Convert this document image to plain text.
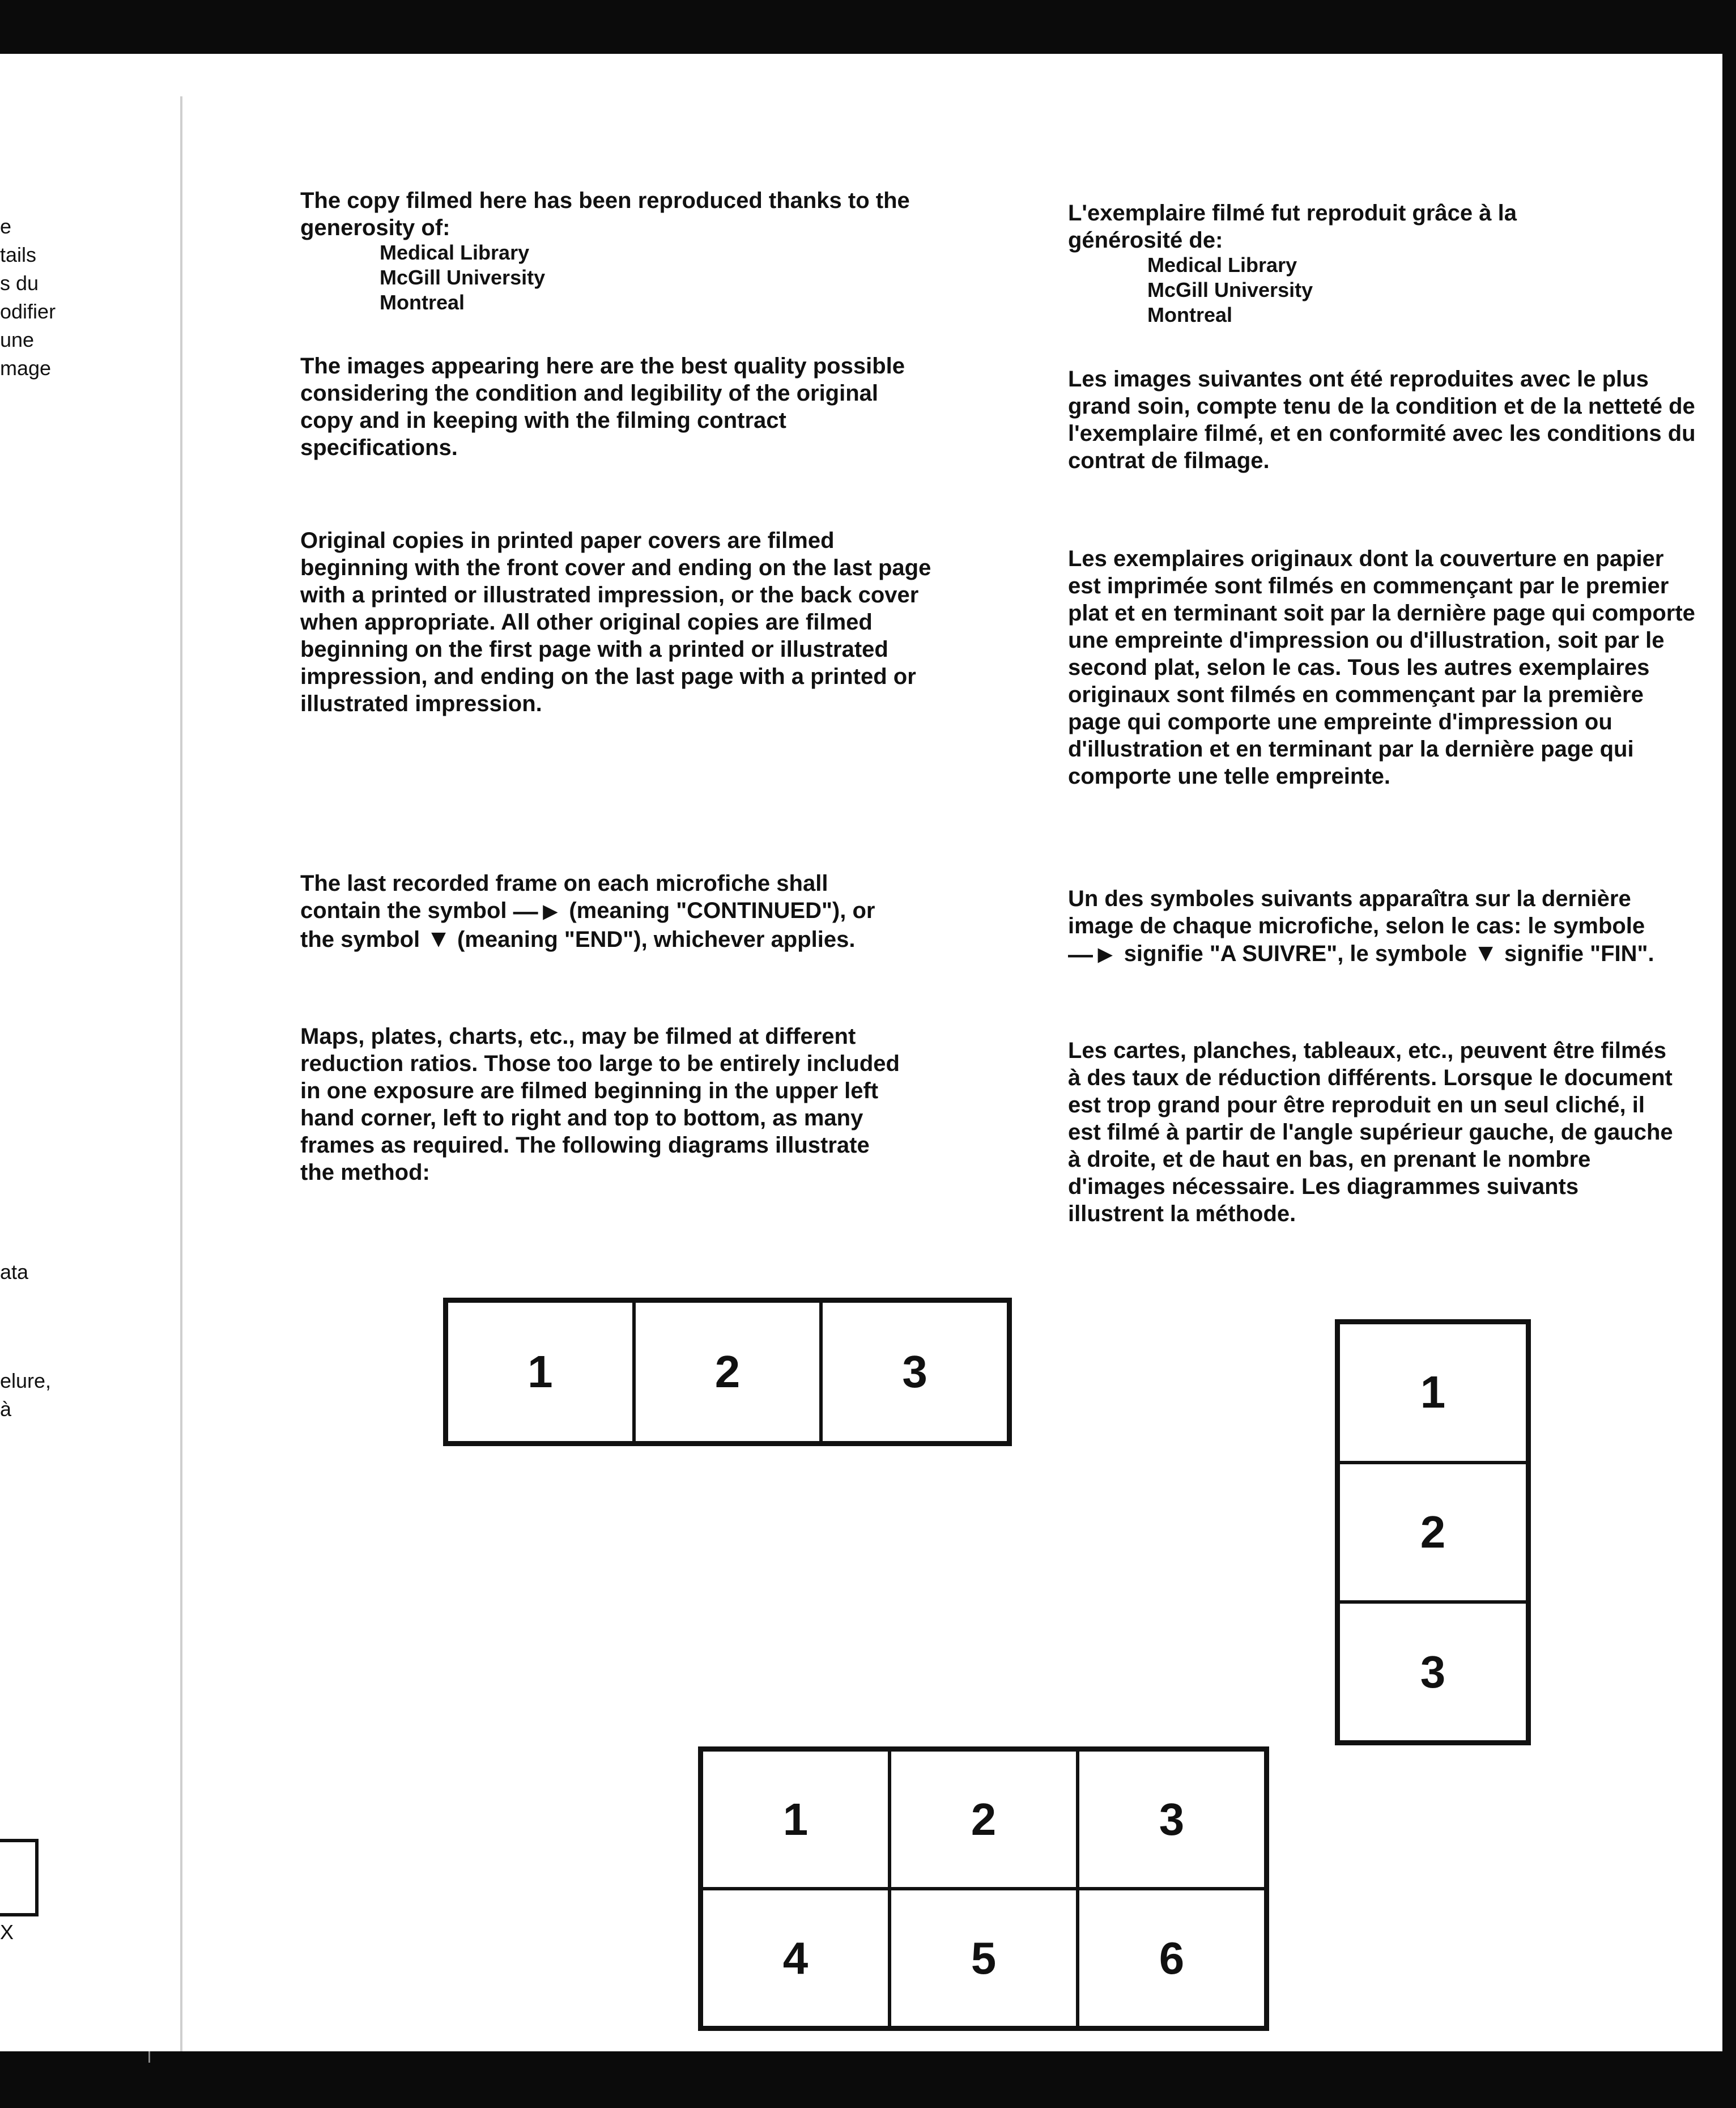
e
tails
s du
odifier
une
mage
ata
elure,
à
X

The copy filmed here has been reproduced thanks to the generosity of:

Medical Library
McGill University
Montreal

The images appearing here are the best quality possible considering the condition and legibility of the original copy and in keeping with the filming contract specifications.

Original copies in printed paper covers are filmed beginning with the front cover and ending on the last page with a printed or illustrated impression, or the back cover when appropriate. All other original copies are filmed beginning on the first page with a printed or illustrated impression, and ending on the last page with a printed or illustrated impression.

The last recorded frame on each microfiche shall contain the symbol —► (meaning "CONTINUED"), or the symbol ▼ (meaning "END"), whichever applies.

Maps, plates, charts, etc., may be filmed at different reduction ratios. Those too large to be entirely included in one exposure are filmed beginning in the upper left hand corner, left to right and top to bottom, as many frames as required. The following diagrams illustrate the method:

L'exemplaire filmé fut reproduit grâce à la générosité de:

Medical Library
McGill University
Montreal

Les images suivantes ont été reproduites avec le plus grand soin, compte tenu de la condition et de la netteté de l'exemplaire filmé, et en conformité avec les conditions du contrat de filmage.

Les exemplaires originaux dont la couverture en papier est imprimée sont filmés en commençant par le premier plat et en terminant soit par la dernière page qui comporte une empreinte d'impression ou d'illustration, soit par le second plat, selon le cas. Tous les autres exemplaires originaux sont filmés en commençant par la première page qui comporte une empreinte d'impression ou d'illustration et en terminant par la dernière page qui comporte une telle empreinte.

Un des symboles suivants apparaîtra sur la dernière image de chaque microfiche, selon le cas: le symbole —► signifie "A SUIVRE", le symbole ▼ signifie "FIN".

Les cartes, planches, tableaux, etc., peuvent être filmés à des taux de réduction différents. Lorsque le document est trop grand pour être reproduit en un seul cliché, il est filmé à partir de l'angle supérieur gauche, de gauche à droite, et de haut en bas, en prenant le nombre d'images nécessaire. Les diagrammes suivants illustrent la méthode.

1	2	3	1
2
3
1	2	3
4	5	6
